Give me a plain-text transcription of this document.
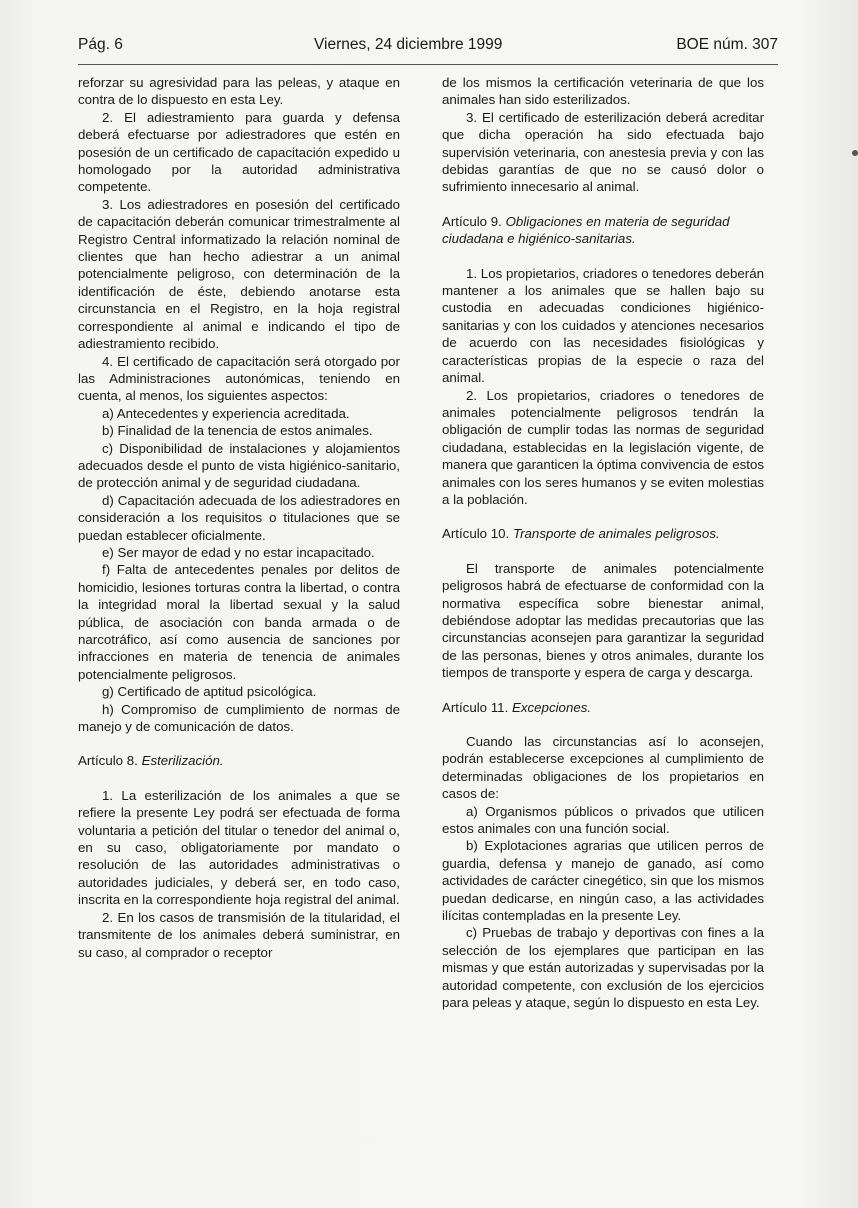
Pág. 6	Viernes, 24 diciembre 1999	BOE núm. 307

reforzar su agresividad para las peleas, y ataque en contra de lo dispuesto en esta Ley.

2. El adiestramiento para guarda y defensa deberá efectuarse por adiestradores que estén en posesión de un certificado de capacitación expedido u homologado por la autoridad administrativa competente.

3. Los adiestradores en posesión del certificado de capacitación deberán comunicar trimestralmente al Registro Central informatizado la relación nominal de clientes que han hecho adiestrar a un animal potencialmente peligroso, con determinación de la identificación de éste, debiendo anotarse esta circunstancia en el Registro, en la hoja registral correspondiente al animal e indicando el tipo de adiestramiento recibido.

4. El certificado de capacitación será otorgado por las Administraciones autonómicas, teniendo en cuenta, al menos, los siguientes aspectos:

a) Antecedentes y experiencia acreditada.

b) Finalidad de la tenencia de estos animales.

c) Disponibilidad de instalaciones y alojamientos adecuados desde el punto de vista higiénico-sanitario, de protección animal y de seguridad ciudadana.

d) Capacitación adecuada de los adiestradores en consideración a los requisitos o titulaciones que se puedan establecer oficialmente.

e) Ser mayor de edad y no estar incapacitado.

f) Falta de antecedentes penales por delitos de homicidio, lesiones torturas contra la libertad, o contra la integridad moral la libertad sexual y la salud pública, de asociación con banda armada o de narcotráfico, así como ausencia de sanciones por infracciones en materia de tenencia de animales potencialmente peligrosos.

g) Certificado de aptitud psicológica.

h) Compromiso de cumplimiento de normas de manejo y de comunicación de datos.

Artículo 8. Esterilización.

1. La esterilización de los animales a que se refiere la presente Ley podrá ser efectuada de forma voluntaria a petición del titular o tenedor del animal o, en su caso, obligatoriamente por mandato o resolución de las autoridades administrativas o autoridades judiciales, y deberá ser, en todo caso, inscrita en la correspondiente hoja registral del animal.

2. En los casos de transmisión de la titularidad, el transmitente de los animales deberá suministrar, en su caso, al comprador o receptor

de los mismos la certificación veterinaria de que los animales han sido esterilizados.

3. El certificado de esterilización deberá acreditar que dicha operación ha sido efectuada bajo supervisión veterinaria, con anestesia previa y con las debidas garantías de que no se causó dolor o sufrimiento innecesario al animal.

Artículo 9. Obligaciones en materia de seguridad ciudadana e higiénico-sanitarias.

1. Los propietarios, criadores o tenedores deberán mantener a los animales que se hallen bajo su custodia en adecuadas condiciones higiénico-sanitarias y con los cuidados y atenciones necesarios de acuerdo con las necesidades fisiológicas y características propias de la especie o raza del animal.

2. Los propietarios, criadores o tenedores de animales potencialmente peligrosos tendrán la obligación de cumplir todas las normas de seguridad ciudadana, establecidas en la legislación vigente, de manera que garanticen la óptima convivencia de estos animales con los seres humanos y se eviten molestias a la población.

Artículo 10. Transporte de animales peligrosos.

El transporte de animales potencialmente peligrosos habrá de efectuarse de conformidad con la normativa específica sobre bienestar animal, debiéndose adoptar las medidas precautorias que las circunstancias aconsejen para garantizar la seguridad de las personas, bienes y otros animales, durante los tiempos de transporte y espera de carga y descarga.

Artículo 11. Excepciones.

Cuando las circunstancias así lo aconsejen, podrán establecerse excepciones al cumplimiento de determinadas obligaciones de los propietarios en casos de:

a) Organismos públicos o privados que utilicen estos animales con una función social.

b) Explotaciones agrarias que utilicen perros de guardia, defensa y manejo de ganado, así como actividades de carácter cinegético, sin que los mismos puedan dedicarse, en ningún caso, a las actividades ilícitas contempladas en la presente Ley.

c) Pruebas de trabajo y deportivas con fines a la selección de los ejemplares que participan en las mismas y que están autorizadas y supervisadas por la autoridad competente, con exclusión de los ejercicios para peleas y ataque, según lo dispuesto en esta Ley.
